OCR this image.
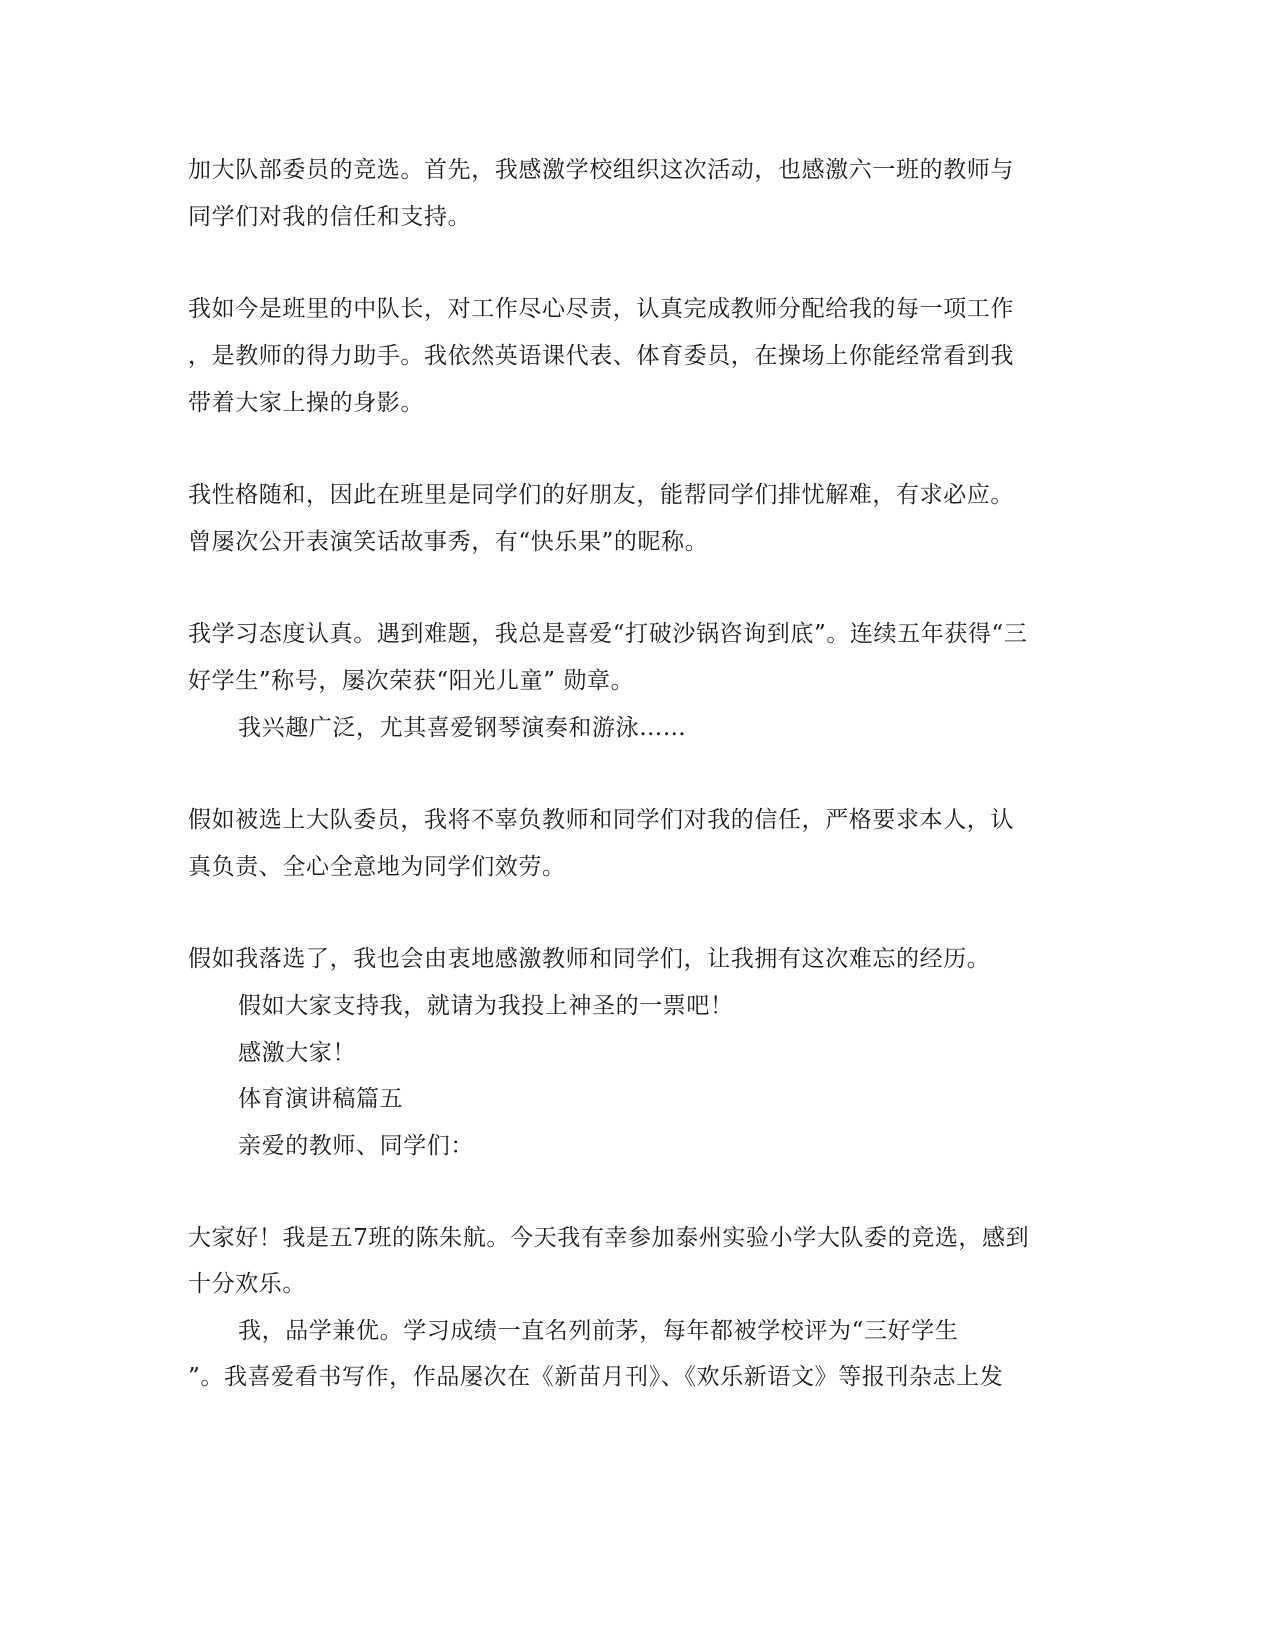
加大队部委员的竞选。首先，我感激学校组织这次活动，也感激六一班的教师与
同学们对我的信任和支持。
我如今是班里的中队长，对工作尽心尽责，认真完成教师分配给我的每一项工作
，是教师的得力助手。我依然英语课代表、体育委员，在操场上你能经常看到我
带着大家上操的身影。
我性格随和，因此在班里是同学们的好朋友，能帮同学们排忧解难，有求必应。
曾屡次公开表演笑话故事秀，有“快乐果”的昵称。
我学习态度认真。遇到难题，我总是喜爱“打破沙锅咨询到底”。连续五年获得“三
好学生”称号，屡次荣获“阳光儿童” 勋章。
我兴趣广泛，尤其喜爱钢琴演奏和游泳……
假如被选上大队委员，我将不辜负教师和同学们对我的信任，严格要求本人，认
真负责、全心全意地为同学们效劳。
假如我落选了，我也会由衷地感激教师和同学们，让我拥有这次难忘的经历。
假如大家支持我，就请为我投上神圣的一票吧！
感激大家！
体育演讲稿篇五
亲爱的教师、同学们：
大家好！我是五7班的陈朱航。今天我有幸参加泰州实验小学大队委的竞选，感到
十分欢乐。
我，品学兼优。学习成绩一直名列前茅，每年都被学校评为“三好学生
”。我喜爱看书写作，作品屡次在《新苗月刊》、《欢乐新语文》等报刊杂志上发
